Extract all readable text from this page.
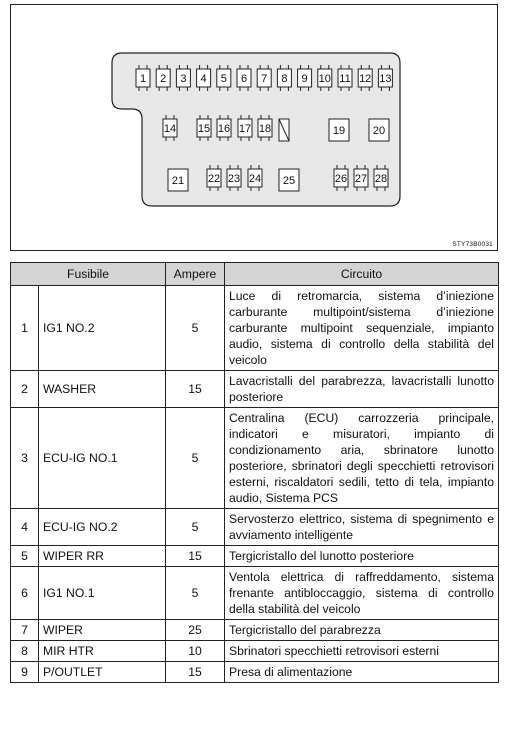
1 2 3 4 5 6 7 8 9 10 11 12 13
14 15 16 17 18	19	20
21 22 23 24 25	26 27 28
STY73B0031
Fusibile		Ampere	Circuito
1	IG1 NO.2	5	Luce di retromarcia, sistema d’iniezione carburante multipoint/sistema d’iniezione carburante multipoint sequenziale, impianto audio, sistema di controllo della stabilità del veicolo
2	WASHER	15	Lavacristalli del parabrezza, lavacristalli lunotto posteriore
3	ECU-IG NO.1	5	Centralina (ECU) carrozzeria principale, indicatori e misuratori, impianto di condizionamento aria, sbrinatore lunotto posteriore, sbrinatori degli specchietti retrovisori esterni, riscaldatori sedili, tetto di tela, impianto audio, Sistema PCS
4	ECU-IG NO.2	5	Servosterzo elettrico, sistema di spegnimento e avviamento intelligente
5	WIPER RR	15	Tergicristallo del lunotto posteriore
6	IG1 NO.1	5	Ventola elettrica di raffreddamento, sistema frenante antibloccaggio, sistema di controllo della stabilità del veicolo
7	WIPER	25	Tergicristallo del parabrezza
8	MIR HTR	10	Sbrinatori specchietti retrovisori esterni
9	P/OUTLET	15	Presa di alimentazione
